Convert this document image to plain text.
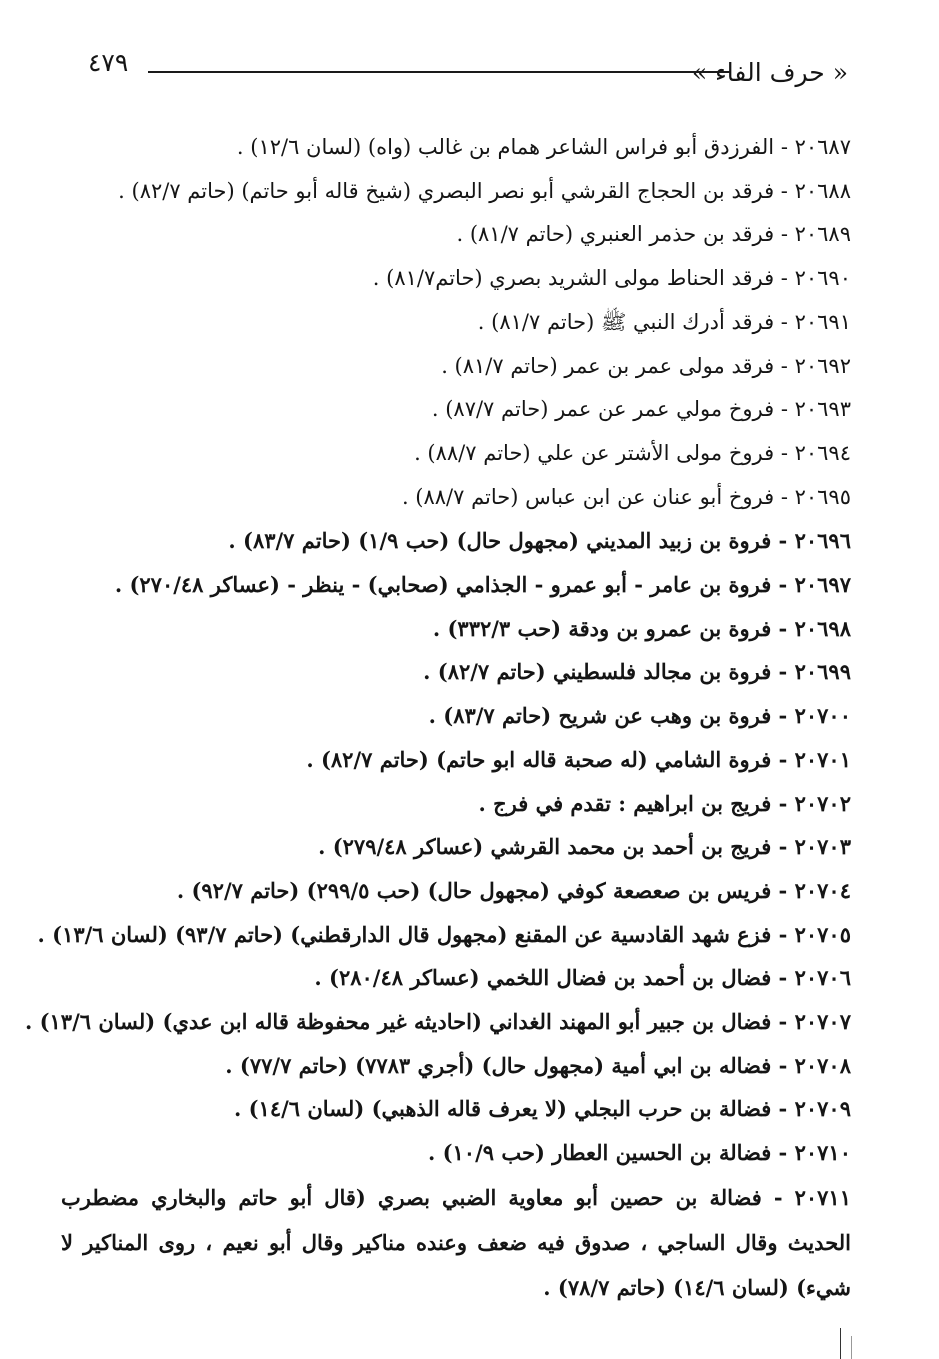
« حرف الفاء »
٤٧٩
٢٠٦٨٧ - الفرزدق أبو فراس الشاعر همام بن غالب (واه) (لسان ١٢/٦) .
٢٠٦٨٨ - فرقد بن الحجاج القرشي أبو نصر البصري (شيخ قاله أبو حاتم) (حاتم ٨٢/٧) .
٢٠٦٨٩ - فرقد بن حذمر العنبري (حاتم ٨١/٧) .
٢٠٦٩٠ - فرقد الحناط مولى الشريد بصري (حاتم٨١/٧) .
٢٠٦٩١ - فرقد أدرك النبي ﷺ (حاتم ٨١/٧) .
٢٠٦٩٢ - فرقد مولى عمر بن عمر (حاتم ٨١/٧) .
٢٠٦٩٣ - فروخ مولي عمر عن عمر (حاتم ٨٧/٧) .
٢٠٦٩٤ - فروخ مولى الأشتر عن علي (حاتم ٨٨/٧) .
٢٠٦٩٥ - فروخ أبو عنان عن ابن عباس (حاتم ٨٨/٧) .
٢٠٦٩٦ - فروة بن زبيد المديني (مجهول حال) (حب ١/٩) (حاتم ٨٣/٧) .
٢٠٦٩٧ - فروة بن عامر - أبو عمرو - الجذامي (صحابي) - ينظر - (عساكر ٢٧٠/٤٨) .
٢٠٦٩٨ - فروة بن عمرو بن ودقة (حب ٣٣٢/٣) .
٢٠٦٩٩ - فروة بن مجالد فلسطيني (حاتم ٨٢/٧) .
٢٠٧٠٠ - فروة بن وهب عن شريح (حاتم ٨٣/٧) .
٢٠٧٠١ - فروة الشامي (له صحبة قاله ابو حاتم) (حاتم ٨٢/٧) .
٢٠٧٠٢ - فريج بن ابراهيم : تقدم في فرج .
٢٠٧٠٣ - فريج بن أحمد بن محمد القرشي (عساكر ٢٧٩/٤٨) .
٢٠٧٠٤ - فريس بن صعصعة كوفي (مجهول حال) (حب ٢٩٩/٥) (حاتم ٩٢/٧) .
٢٠٧٠٥ - فزع شهد القادسية عن المقنع (مجهول قال الدارقطني) (حاتم ٩٣/٧) (لسان ١٣/٦) .
٢٠٧٠٦ - فضال بن أحمد بن فضال اللخمي (عساكر ٢٨٠/٤٨) .
٢٠٧٠٧ - فضال بن جبير أبو المهند الغداني (احاديثه غير محفوظة قاله ابن عدي) (لسان ١٣/٦) .
٢٠٧٠٨ - فضاله بن ابي أمية (مجهول حال) (أجري ٧٧٨٣) (حاتم ٧٧/٧) .
٢٠٧٠٩ - فضالة بن حرب البجلي (لا يعرف قاله الذهبي) (لسان ١٤/٦) .
٢٠٧١٠ - فضالة بن الحسين العطار (حب ١٠/٩) .
٢٠٧١١ - فضالة بن حصين أبو معاوية الضبي بصري (قال أبو حاتم والبخاري مضطرب الحديث وقال الساجي ، صدوق فيه ضعف وعنده مناكير وقال أبو نعيم ، روى المناكير لا شيء) (لسان ١٤/٦) (حاتم ٧٨/٧) .
